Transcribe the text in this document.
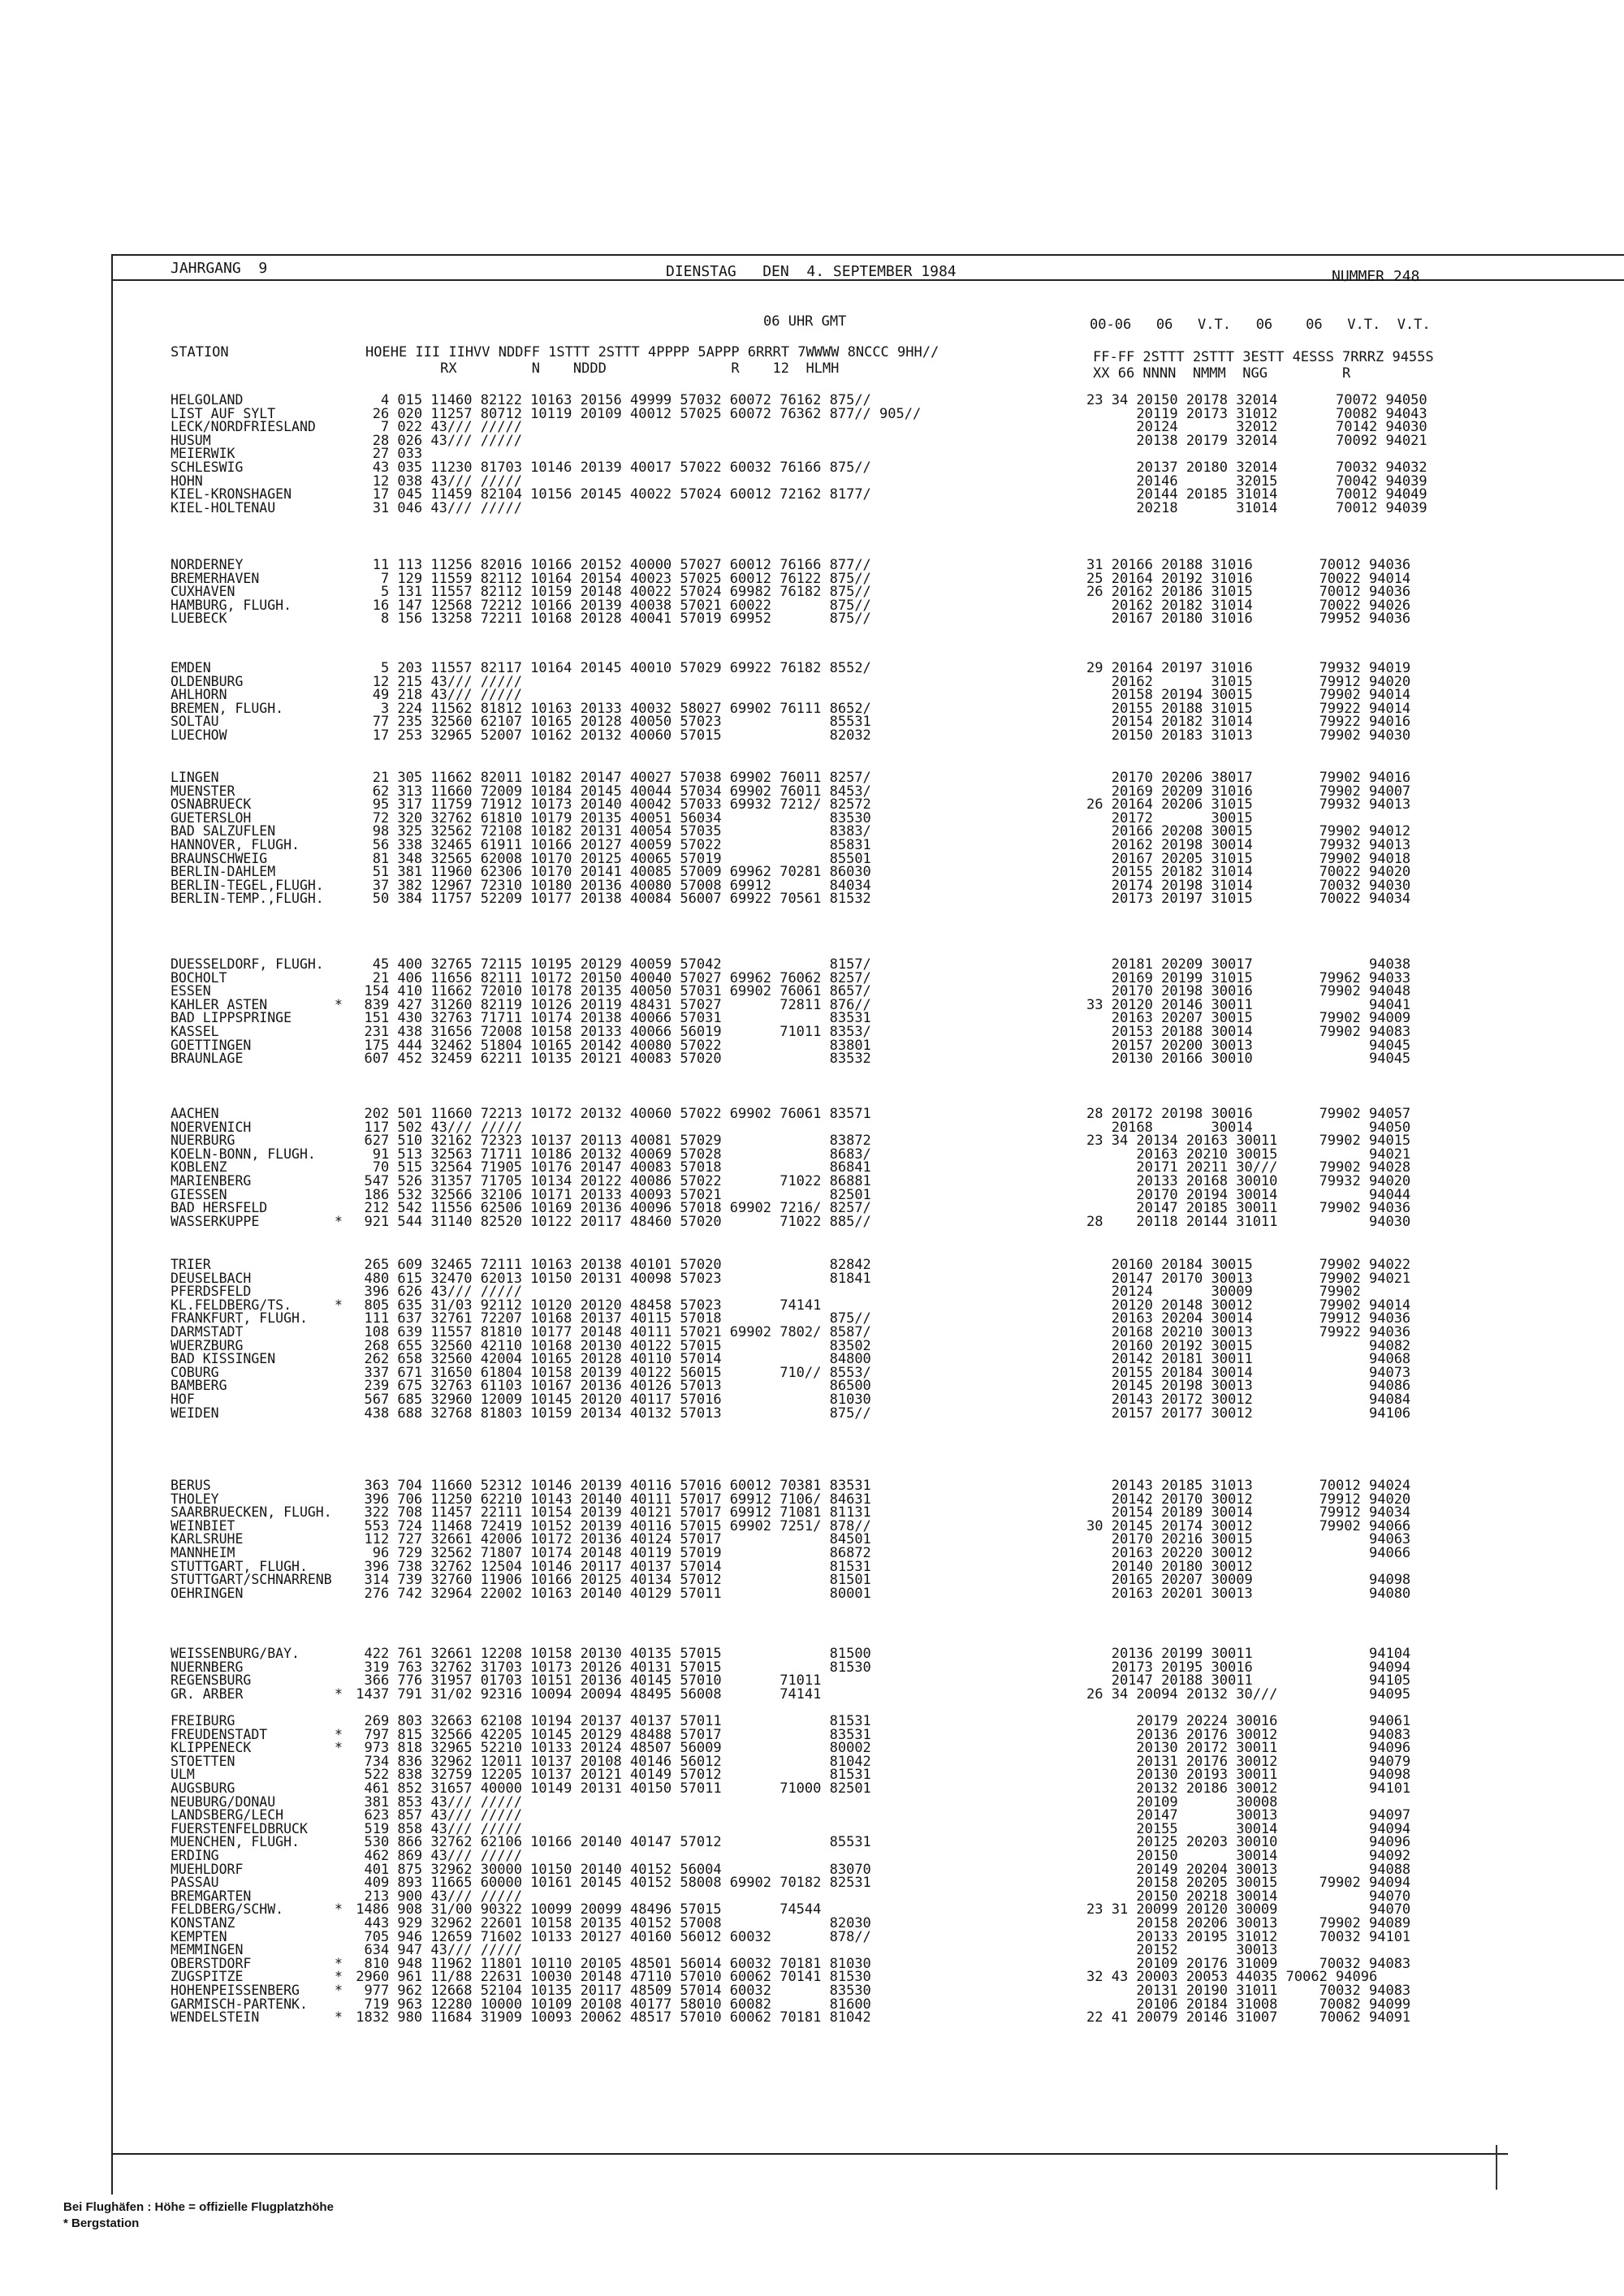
JAHRGANG  9	DIENSTAG   DEN  4. SEPTEMBER 1984	NUMMER 248
06 UHR GMT	00-06   06   V.T.   06    06   V.T.  V.T.
STATION	HOEHE III IIHVV NDDFF 1STTT 2STTT 4PPPP 5APPP 6RRRT 7WWWW 8NCCC 9HH//
RX         N    NDDD               R    12  HLMH
FF-FF 2STTT 2STTT 3ESTT 4ESSS 7RRRZ 9455S
XX 66 NNNN  NMMM  NGG         R
HELGOLAND	4 015 11460 82122 10163 20156 49999 57032 60072 76162 875//	23 34 20150 20178 32014       70072 94050
LIST AUF SYLT	26 020 11257 80712 10119 20109 40012 57025 60072 76362 877// 905//	20119 20173 31012       70082 94043
LECK/NORDFRIESLAND 7 022 43/// /////	20124       32012       70142 94030
HUSUM	28 026 43/// /////	20138 20179 32014       70092 94021
MEIERWIK	27 033
SCHLESWIG	43 035 11230 81703 10146 20139 40017 57022 60032 76166 875//	20137 20180 32014       70032 94032
HOHN	12 038 43/// /////	20146       32015       70042 94039
KIEL-KRONSHAGEN	17 045 11459 82104 10156 20145 40022 57024 60012 72162 8177/	20144 20185 31014       70012 94049
KIEL-HOLTENAU	31 046 43/// /////	20218       31014       70012 94039
NORDERNEY	11 113 11256 82016 10166 20152 40000 57027 60012 76166 877//	31 20166 20188 31016        70012 94036
BREMERHAVEN	7 129 11559 82112 10164 20154 40023 57025 60012 76122 875//	25 20164 20192 31016        70022 94014
CUXHAVEN	5 131 11557 82112 10159 20148 40022 57024 69982 76182 875//	26 20162 20186 31015        70012 94036
HAMBURG, FLUGH.	16 147 12568 72212 10166 20139 40038 57021 60022       875//	20162 20182 31014        70022 94026
LUEBECK	8 156 13258 72211 10168 20128 40041 57019 69952       875//	20167 20180 31016        79952 94036
EMDEN	5 203 11557 82117 10164 20145 40010 57029 69922 76182 8552/	29 20164 20197 31016        79932 94019
OLDENBURG	12 215 43/// /////	20162       31015        79912 94020
AHLHORN	49 218 43/// /////	20158 20194 30015        79902 94014
BREMEN, FLUGH.	3 224 11562 81812 10163 20133 40032 58027 69902 76111 8652/	20155 20188 31015        79922 94014
SOLTAU	77 235 32560 62107 10165 20128 40050 57023             85531	20154 20182 31014        79922 94016
LUECHOW	17 253 32965 52007 10162 20132 40060 57015             82032	20150 20183 31013        79902 94030
LINGEN	21 305 11662 82011 10182 20147 40027 57038 69902 76011 8257/	20170 20206 38017        79902 94016
MUENSTER	62 313 11660 72009 10184 20145 40044 57034 69902 76011 8453/	20169 20209 31016        79902 94007
OSNABRUECK	95 317 11759 71912 10173 20140 40042 57033 69932 7212/ 82572	26 20164 20206 31015        79932 94013
GUETERSLOH	72 320 32762 61810 10179 20135 40051 56034             83530	20172       30015
BAD SALZUFLEN	98 325 32562 72108 10182 20131 40054 57035             8383/	20166 20208 30015        79902 94012
HANNOVER, FLUGH.	56 338 32465 61911 10166 20127 40059 57022             85831	20162 20198 30014        79932 94013
BRAUNSCHWEIG	81 348 32565 62008 10170 20125 40065 57019             85501	20167 20205 31015        79902 94018
BERLIN-DAHLEM	51 381 11960 62306 10170 20141 40085 57009 69962 70281 86030	20155 20182 31014        70022 94020
BERLIN-TEGEL,FLUGH. 37 382 12967 72310 10180 20136 40080 57008 69912       84034	20174 20198 31014        70032 94030
BERLIN-TEMP.,FLUGH. 50 384 11757 52209 10177 20138 40084 56007 69922 70561 81532	20173 20197 31015        70022 94034
DUESSELDORF, FLUGH. 45 400 32765 72115 10195 20129 40059 57042             8157/	20181 20209 30017              94038
BOCHOLT	21 406 11656 82111 10172 20150 40040 57027 69962 76062 8257/	20169 20199 31015        79962 94033
ESSEN	154 410 11662 72010 10178 20135 40050 57031 69902 76061 8657/	20170 20198 30016        79902 94048
KAHLER ASTEN	* 839 427 31260 82119 10126 20119 48431 57027       72811 876//	33 20120 20146 30011              94041
BAD LIPPSPRINGE	151 430 32763 71711 10174 20138 40066 57031             83531	20163 20207 30015        79902 94009
KASSEL	231 438 31656 72008 10158 20133 40066 56019       71011 8353/	20153 20188 30014        79902 94083
GOETTINGEN	175 444 32462 51804 10165 20142 40080 57022             83801	20157 20200 30013              94045
BRAUNLAGE	607 452 32459 62211 10135 20121 40083 57020             83532	20130 20166 30010              94045
AACHEN	202 501 11660 72213 10172 20132 40060 57022 69902 76061 83571	28 20172 20198 30016        79902 94057
NOERVENICH	117 502 43/// /////	20168       30014              94050
NUERBURG	627 510 32162 72323 10137 20113 40081 57029             83872	23 34 20134 20163 30011     79902 94015
KOELN-BONN, FLUGH. 91 513 32563 71711 10186 20132 40069 57028             8683/	20163 20210 30015           94021
KOBLENZ	70 515 32564 71905 10176 20147 40083 57018             86841	20171 20211 30///     79902 94028
MARIENBERG	547 526 31357 71705 10134 20122 40086 57022       71022 86881	20133 20168 30010     79932 94020
GIESSEN	186 532 32566 32106 10171 20133 40093 57021             82501	20170 20194 30014           94044
BAD HERSFELD	212 542 11556 62506 10169 20136 40096 57018 69902 7216/ 8257/	20147 20185 30011     79902 94036
WASSERKUPPE	* 921 544 31140 82520 10122 20117 48460 57020       71022 885//	28    20118 20144 31011           94030
TRIER	265 609 32465 72111 10163 20138 40101 57020             82842	20160 20184 30015        79902 94022
DEUSELBACH	480 615 32470 62013 10150 20131 40098 57023             81841	20147 20170 30013        79902 94021
PFERDSFELD	396 626 43/// /////	20124       30009        79902
KL.FELDBERG/TS.	* 805 635 31/03 92112 10120 20120 48458 57023       74141	20120 20148 30012        79902 94014
FRANKFURT, FLUGH.	111 637 32761 72207 10168 20137 40115 57018             875//	20163 20204 30014        79912 94036
DARMSTADT	108 639 11557 81810 10177 20148 40111 57021 69902 7802/ 8587/	20168 20210 30013        79922 94036
WUERZBURG	268 655 32560 42110 10168 20130 40122 57015             83502	20160 20192 30015              94082
BAD KISSINGEN	262 658 32560 42004 10165 20128 40110 57014             84800	20142 20181 30011              94068
COBURG	337 671 31650 61804 10158 20139 40122 56015       710// 8553/	20155 20184 30014              94073
BAMBERG	239 675 32763 61103 10167 20136 40126 57013             86500	20145 20198 30013              94086
HOF	567 685 32960 12009 10145 20120 40117 57016             81030	20143 20172 30012              94084
WEIDEN	438 688 32768 81803 10159 20134 40132 57013             875//	20157 20177 30012              94106
BERUS	363 704 11660 52312 10146 20139 40116 57016 60012 70381 83531	20143 20185 31013        70012 94024
THOLEY	396 706 11250 62210 10143 20140 40111 57017 69912 7106/ 84631	20142 20170 30012        79912 94020
SAARBRUECKEN, FLUGH. 322 708 11457 22111 10154 20139 40121 57017 69912 71081 81131	20154 20189 30014        79912 94034
WEINBIET	553 724 11468 72419 10152 20139 40116 57015 69902 7251/ 878//	30 20145 20174 30012        79902 94066
KARLSRUHE	112 727 32661 42006 10172 20136 40124 57017             84501	20170 20216 30015              94063
MANNHEIM	96 729 32562 71807 10174 20148 40119 57019             86872	20163 20220 30012              94066
STUTTGART, FLUGH.	396 738 32762 12504 10146 20117 40137 57014             81531	20140 20180 30012
STUTTGART/SCHNARRENB 314 739 32760 11906 10166 20125 40134 57012             81501	20165 20207 30009              94098
OEHRINGEN	276 742 32964 22002 10163 20140 40129 57011             80001	20163 20201 30013              94080
WEISSENBURG/BAY.	422 761 32661 12208 10158 20130 40135 57015             81500	20136 20199 30011              94104
NUERNBERG	319 763 32762 31703 10173 20126 40131 57015             81530	20173 20195 30016              94094
REGENSBURG	366 776 31957 01703 10151 20136 40145 57010       71011	20147 20188 30011              94105
GR. ARBER	* 1437 791 31/02 92316 10094 20094 48495 56008       74141	26 34 20094 20132 30///           94095
FREIBURG	269 803 32663 62108 10194 20137 40137 57011             81531	20179 20224 30016           94061
FREUDENSTADT	* 797 815 32566 42205 10145 20129 48488 57017             83531	20136 20176 30012           94083
KLIPPENECK	* 973 818 32965 52210 10133 20124 48507 56009             80002	20130 20172 30011           94096
STOETTEN	734 836 32962 12011 10137 20108 40146 56012             81042	20131 20176 30012           94079
ULM	522 838 32759 12205 10137 20121 40149 57012             81531	20130 20193 30011           94098
AUGSBURG	461 852 31657 40000 10149 20131 40150 57011       71000 82501	20132 20186 30012           94101
NEUBURG/DONAU	381 853 43/// /////	20109       30008
LANDSBERG/LECH	623 857 43/// /////	20147       30013           94097
FUERSTENFELDBRUCK	519 858 43/// /////	20155       30014           94094
MUENCHEN, FLUGH.	530 866 32762 62106 10166 20140 40147 57012             85531	20125 20203 30010           94096
ERDING	462 869 43/// /////	20150       30014           94092
MUEHLDORF	401 875 32962 30000 10150 20140 40152 56004             83070	20149 20204 30013           94088
PASSAU	409 893 11665 60000 10161 20145 40152 58008 69902 70182 82531	20158 20205 30015     79902 94094
BREMGARTEN	213 900 43/// /////	20150 20218 30014           94070
FELDBERG/SCHW.	* 1486 908 31/00 90322 10099 20099 48496 57015       74544	23 31 20099 20120 30009           94070
KONSTANZ	443 929 32962 22601 10158 20135 40152 57008             82030	20158 20206 30013     79902 94089
KEMPTEN	705 946 12659 71602 10133 20127 40160 56012 60032       878//	20133 20195 31012     70032 94101
MEMMINGEN	634 947 43/// /////	20152       30013
OBERSTDORF	* 810 948 11962 11801 10110 20105 48501 56014 60032 70181 81030	20109 20176 31009     70032 94083
ZUGSPITZE	* 2960 961 11/88 22631 10030 20148 47110 57010 60062 70141 81530	32 43 20003 20053 44035 70062 94096
HOHENPEISSENBERG	* 977 962 12668 52104 10135 20117 48509 57014 60032       83530	20131 20190 31011     70032 94083
GARMISCH-PARTENK.	719 963 12280 10000 10109 20108 40177 58010 60082       81600	20106 20184 31008     70082 94099
WENDELSTEIN	* 1832 980 11684 31909 10093 20062 48517 57010 60062 70181 81042	22 41 20079 20146 31007     70062 94091
Bei Flughäfen : Höhe = offizielle Flugplatzhöhe
* Bergstation
